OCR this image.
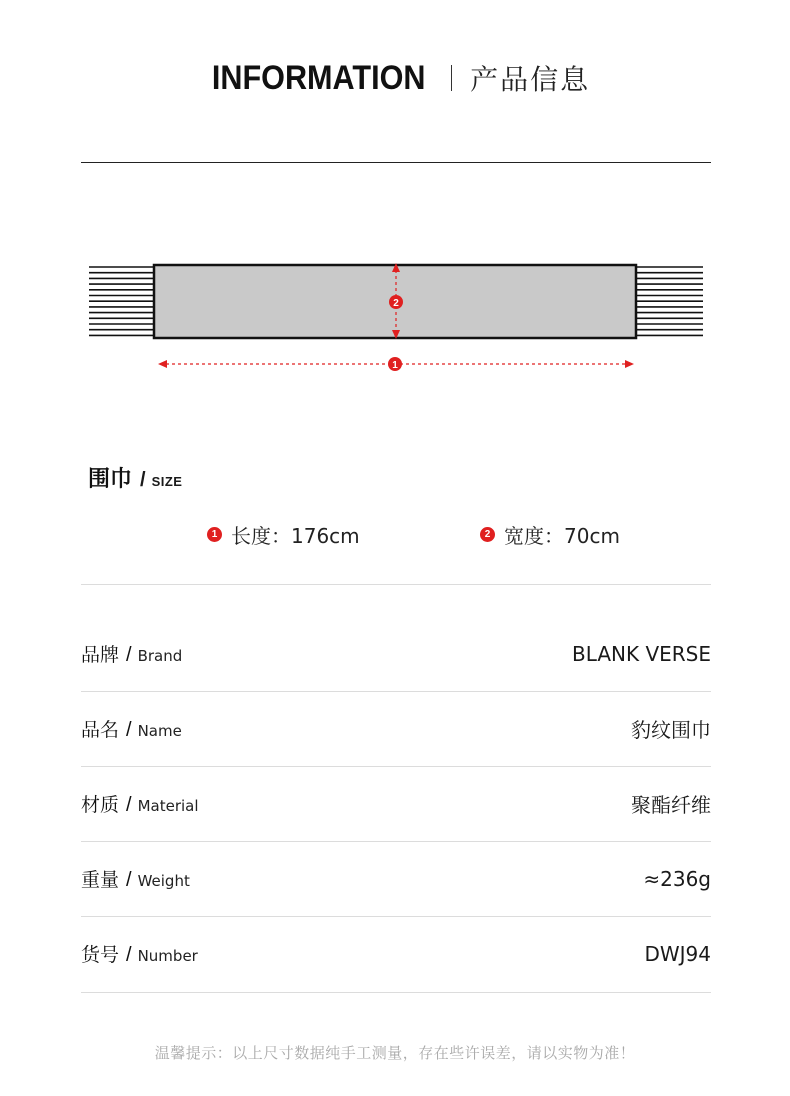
INFORMATION 产品信息
2
1
围巾 / SIZE
1 长度：176cm	2 宽度：70cm
品牌 / Brand	BLANK VERSE
品名 / Name	豹纹围巾
材质 / Material	聚酯纤维
重量 / Weight	≈236g
货号 / Number	DWJ94
温馨提示：以上尺寸数据纯手工测量，存在些许误差，请以实物为准！
